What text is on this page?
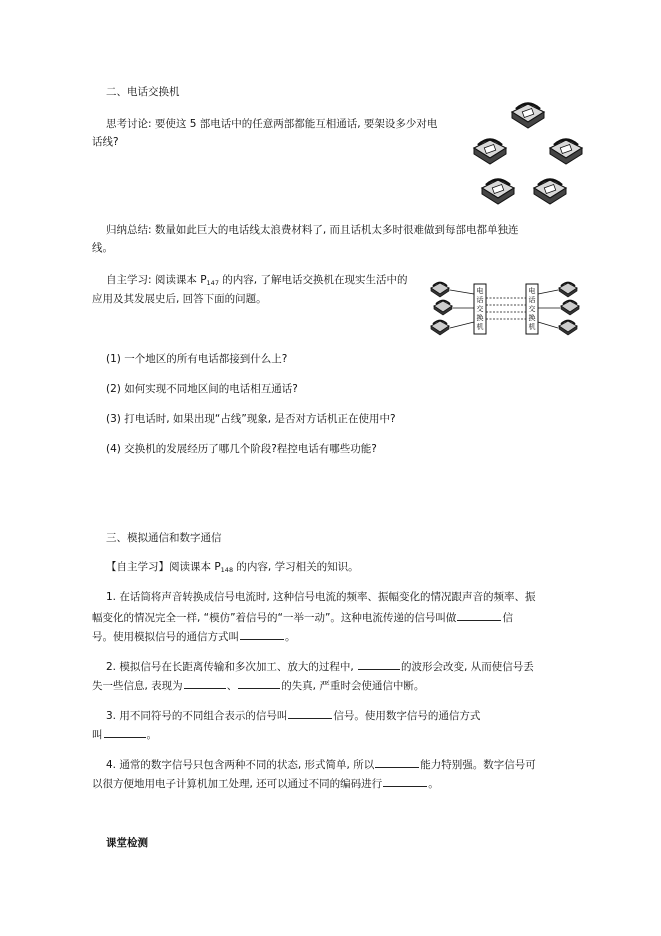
二、电话交换机
思考讨论: 要使这 5 部电话中的任意两部都能互相通话, 要架设多少对电
话线?
归纳总结: 数量如此巨大的电话线太浪费材料了, 而且话机太多时很难做到每部电都单独连
线。
自主学习: 阅读课本 $P_{147}$ 的内容, 了解电话交换机在现实生活中的
应用及其发展史后, 回答下面的问题。
电话交换机
电话交换机
(1) 一个地区的所有电话都接到什么上?
(2) 如何实现不同地区间的电话相互通话?
(3) 打电话时, 如果出现“占线”现象, 是否对方话机正在使用中?
(4) 交换机的发展经历了哪几个阶段?程控电话有哪些功能?
三、模拟通信和数字通信
【自主学习】阅读课本 $P_{148}$ 的内容, 学习相关的知识。
1. 在话筒将声音转换成信号电流时, 这种信号电流的频率、振幅变化的情况跟声音的频率、振
幅变化的情况完全一样, “模仿”着信号的“一举一动”。这种电流传递的信号叫做	信
号。使用模拟信号的通信方式叫	。
2. 模拟信号在长距离传输和多次加工、放大的过程中,	的波形会改变, 从而使信号丢
失一些信息, 表现为	、	的失真, 严重时会使通信中断。
3. 用不同符号的不同组合表示的信号叫	信号。使用数字信号的通信方式
叫	。
4. 通常的数字信号只包含两种不同的状态, 形式简单, 所以	能力特别强。数字信号可
以很方便地用电子计算机加工处理, 还可以通过不同的编码进行	。
课堂检测
